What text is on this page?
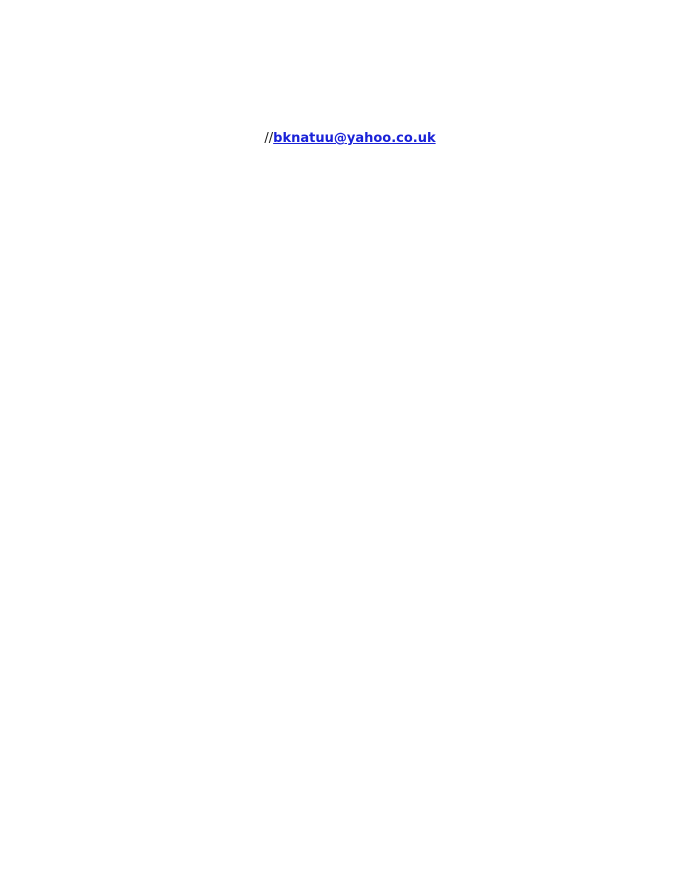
//bknatuu@yahoo.co.uk
